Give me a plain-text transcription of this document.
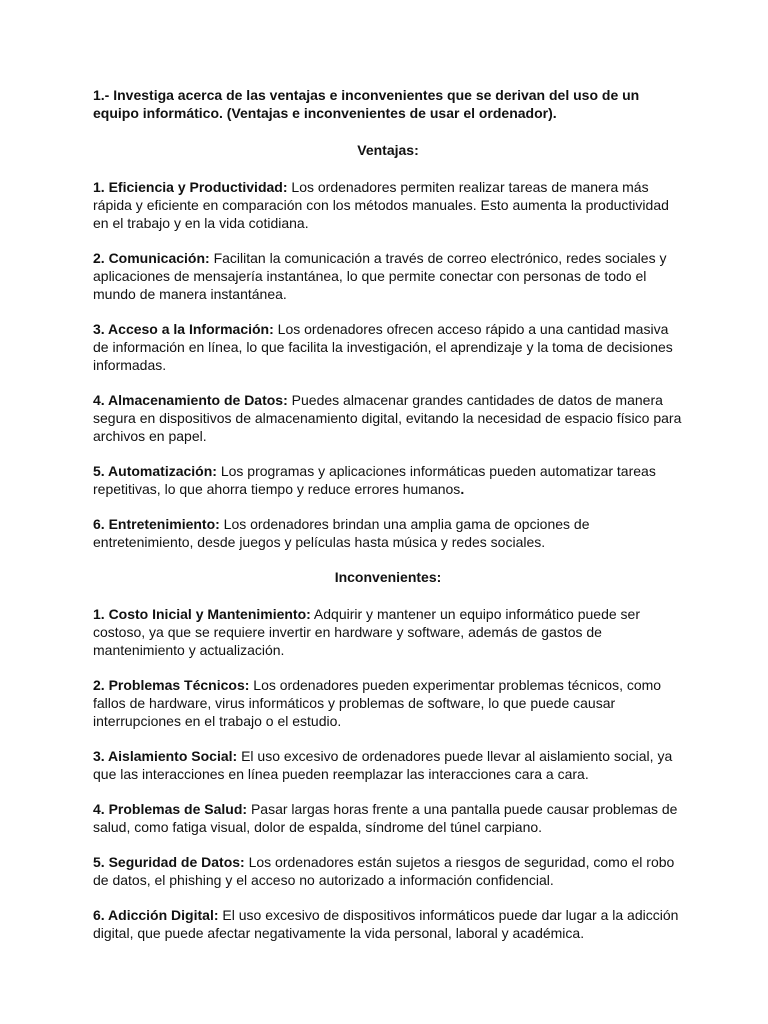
1.- Investiga acerca de las ventajas e inconvenientes que se derivan del uso de un equipo informático. (Ventajas e inconvenientes de usar el ordenador).

Ventajas:

1. Eficiencia y Productividad: Los ordenadores permiten realizar tareas de manera más rápida y eficiente en comparación con los métodos manuales. Esto aumenta la productividad en el trabajo y en la vida cotidiana.

2. Comunicación: Facilitan la comunicación a través de correo electrónico, redes sociales y aplicaciones de mensajería instantánea, lo que permite conectar con personas de todo el mundo de manera instantánea.

3. Acceso a la Información: Los ordenadores ofrecen acceso rápido a una cantidad masiva de información en línea, lo que facilita la investigación, el aprendizaje y la toma de decisiones informadas.

4. Almacenamiento de Datos: Puedes almacenar grandes cantidades de datos de manera segura en dispositivos de almacenamiento digital, evitando la necesidad de espacio físico para archivos en papel.

5. Automatización: Los programas y aplicaciones informáticas pueden automatizar tareas repetitivas, lo que ahorra tiempo y reduce errores humanos.

6. Entretenimiento: Los ordenadores brindan una amplia gama de opciones de entretenimiento, desde juegos y películas hasta música y redes sociales.

Inconvenientes:

1. Costo Inicial y Mantenimiento: Adquirir y mantener un equipo informático puede ser costoso, ya que se requiere invertir en hardware y software, además de gastos de mantenimiento y actualización.

2. Problemas Técnicos: Los ordenadores pueden experimentar problemas técnicos, como fallos de hardware, virus informáticos y problemas de software, lo que puede causar interrupciones en el trabajo o el estudio.

3. Aislamiento Social: El uso excesivo de ordenadores puede llevar al aislamiento social, ya que las interacciones en línea pueden reemplazar las interacciones cara a cara.

4. Problemas de Salud: Pasar largas horas frente a una pantalla puede causar problemas de salud, como fatiga visual, dolor de espalda, síndrome del túnel carpiano.

5. Seguridad de Datos: Los ordenadores están sujetos a riesgos de seguridad, como el robo de datos, el phishing y el acceso no autorizado a información confidencial.

6. Adicción Digital: El uso excesivo de dispositivos informáticos puede dar lugar a la adicción digital, que puede afectar negativamente la vida personal, laboral y académica.
